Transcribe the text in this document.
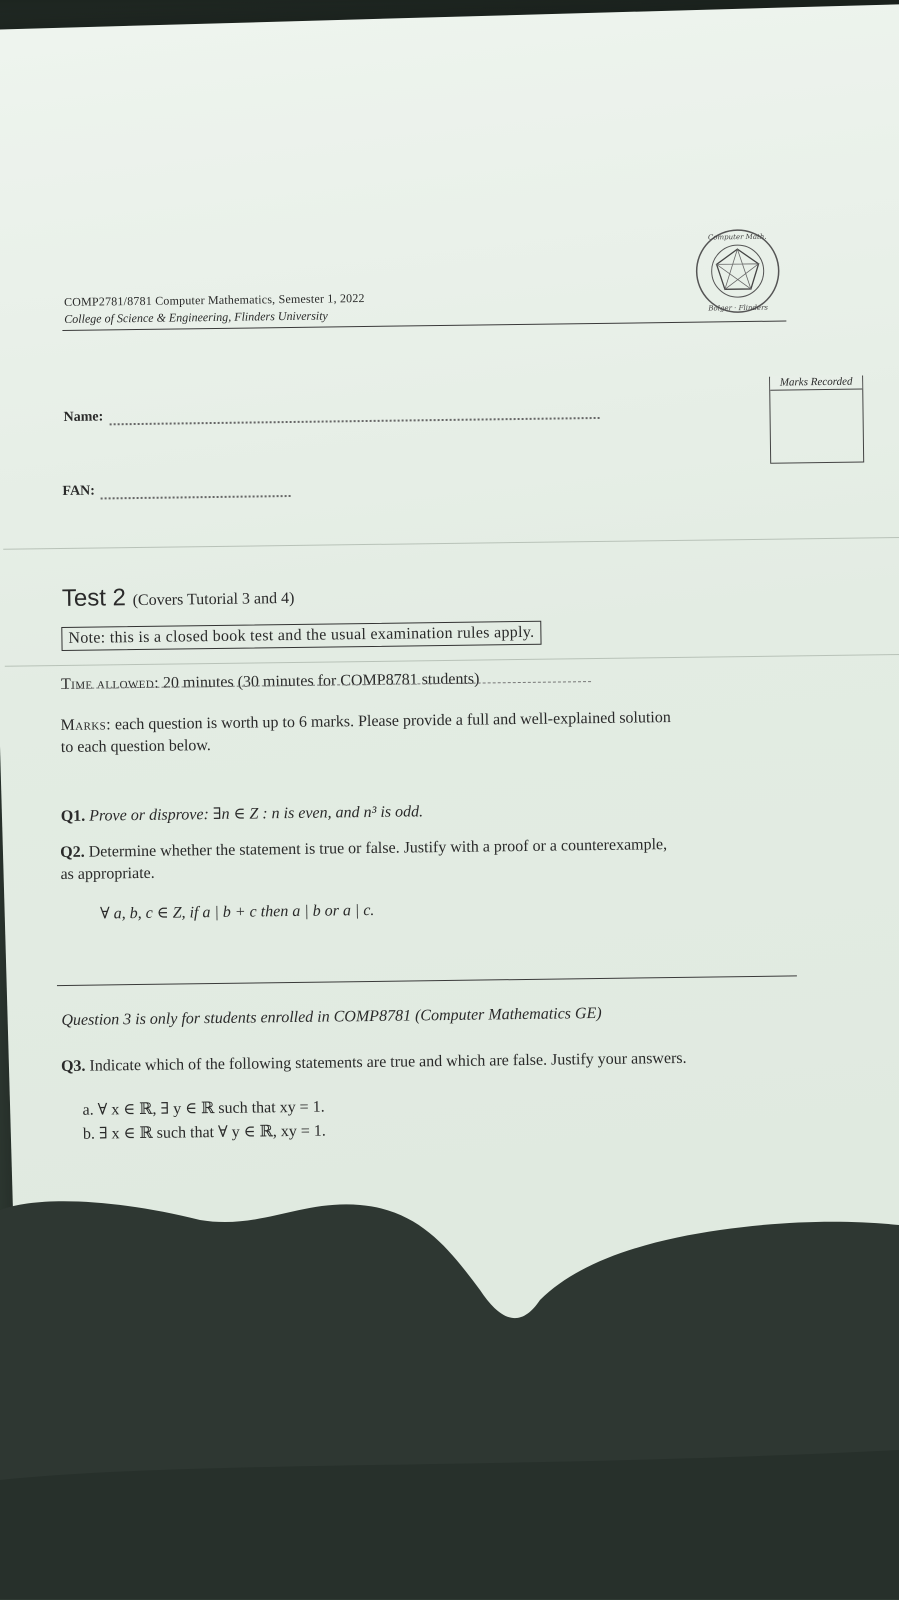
COMP2781/8781 Computer Mathematics, Semester 1, 2022
College of Science & Engineering, Flinders University
Computer Math.
Bolger · Flinders
Marks Recorded
Name:
FAN:
Test 2 (Covers Tutorial 3 and 4)
Note: this is a closed book test and the usual examination rules apply.
Time allowed: 20 minutes (30 minutes for COMP8781 students)
Marks: each question is worth up to 6 marks. Please provide a full and well-explained solution
to each question below.
Q1. Prove or disprove: ∃n ∈ Z : n is even, and n³ is odd.
Q2. Determine whether the statement is true or false. Justify with a proof or a counterexample,
as appropriate.
∀ a, b, c ∈ Z, if a | b + c then a | b or a | c.
Question 3 is only for students enrolled in COMP8781 (Computer Mathematics GE)
Q3. Indicate which of the following statements are true and which are false. Justify your answers.
a. ∀ x ∈ ℝ, ∃ y ∈ ℝ such that xy = 1.
b. ∃ x ∈ ℝ such that ∀ y ∈ ℝ, xy = 1.
